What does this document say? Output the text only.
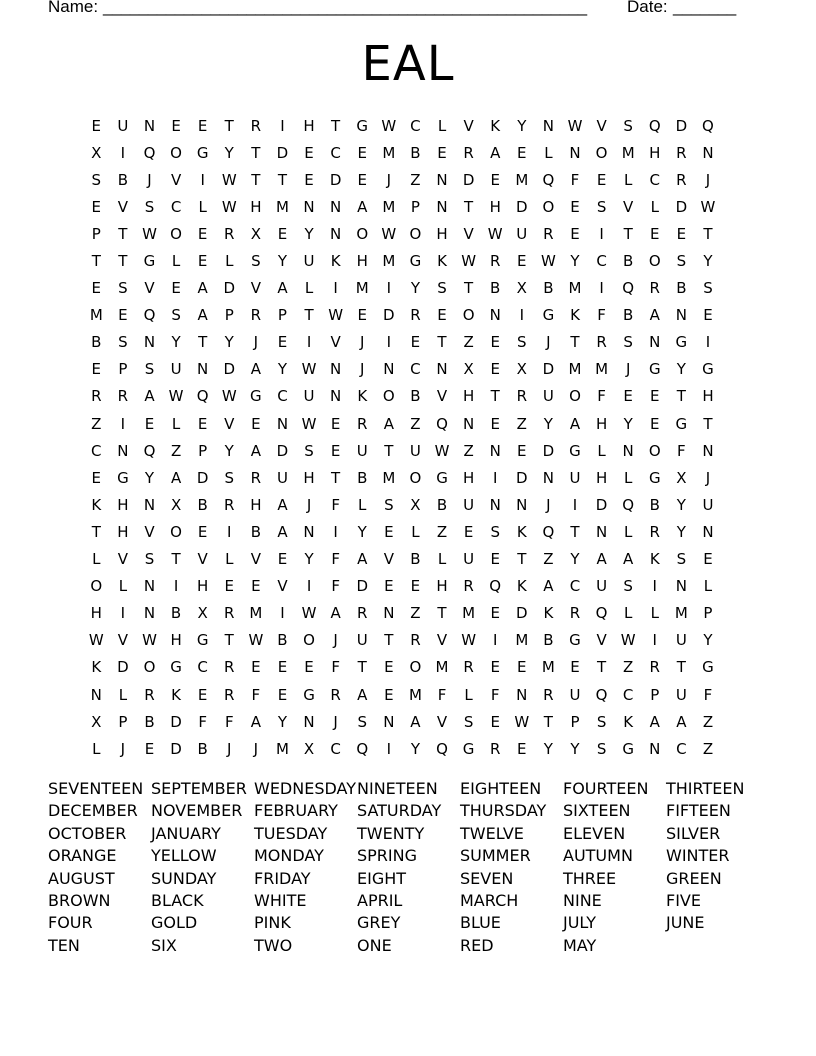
Name: ______________________________________________________ Date: _______
EAL
E	U	N	E	E	T	R	I	H	T	G W C	L	V	K	Y	N W V	S	Q D Q
X	I	Q O G	Y	T	D	E	C	E	M B	E	R	A	E	L	N	O M H	R	N
S	B	J	V	I	W T	T	E	D	E	J	Z	N	D	E	M Q	F	E	L	C	R	J
E	V	S	C	L	W H M N	N	A M	P	N	T	H	D O	E	S	V	L	D W
P	T W O	E	R	X	E	Y	N	O W O	H	V W U	R	E	I	T	E	E	T
T	T	G	L	E	L	S	Y	U	K	H M G	K W R	E W Y	C	B	O	S	Y
E	S	V	E	A	D	V	A	L	I	M	I	Y	S	T	B	X	B M	I	Q	R	B	S
M	E	Q	S	A	P	R	P	T W E	D	R	E	O	N	I	G	K	F	B	A	N	E
B	S	N	Y	T	Y	J	E	I	V	J	I	E	T	Z	E	S	J	T	R	S	N	G	I
E	P	S	U	N	D	A	Y W N	J	N	C	N	X	E	X	D M M	J	G	Y	G
R	R	A W Q W G	C	U	N	K	O	B	V	H	T	R	U	O	F	E	E	T	H
Z	I	E	L	E	V	E	N W E	R	A	Z	Q	N	E	Z	Y	A	H	Y	E	G	T
C	N	Q	Z	P	Y	A	D	S	E	U	T	U W Z	N	E	D	G	L	N	O	F	N
E	G	Y	A	D	S	R	U	H	T	B M O G	H	I	D	N	U	H	L	G	X	J
K	H	N	X	B	R	H	A	J	F	L	S	X	B	U	N	N	J	I	D Q	B	Y	U
T	H	V	O	E	I	B	A	N	I	Y	E	L	Z	E	S	K	Q	T	N	L	R	Y	N
L	V	S	T	V	L	V	E	Y	F	A	V	B	L	U	E	T	Z	Y	A	A	K	S	E
O	L	N	I	H	E	E	V	I	F	D	E	E	H	R	Q	K	A	C	U	S	I	N	L
H	I	N	B	X	R M	I	W A	R	N	Z	T	M	E	D	K	R	Q	L	L	M	P
W V W H	G	T W B	O	J	U	T	R	V W	I	M B	G	V W	I	U	Y
K	D O G	C	R	E	E	E	F	T	E	O M R	E	E	M	E	T	Z	R	T	G
N	L	R	K	E	R	F	E	G	R	A	E	M	F	L	F	N	R	U	Q	C	P	U	F
X	P	B	D	F	F	A	Y	N	J	S	N	A	V	S	E W T	P	S	K	A	A	Z
L	J	E	D	B	J	J	M X	C	Q	I	Y	Q G	R	E	Y	Y	S	G	N	C	Z
SEVENTEEN SEPTEMBER WEDNESDAY NINETEEN	EIGHTEEN	FOURTEEN	THIRTEEN
DECEMBER NOVEMBER FEBRUARY	SATURDAY	THURSDAY	SIXTEEN	FIFTEEN
OCTOBER	JANUARY	TUESDAY	TWENTY	TWELVE	ELEVEN	SILVER
ORANGE	YELLOW	MONDAY	SPRING	SUMMER	AUTUMN	WINTER
AUGUST	SUNDAY	FRIDAY	EIGHT	SEVEN	THREE	GREEN
BROWN	BLACK	WHITE	APRIL	MARCH	NINE	FIVE
FOUR	GOLD	PINK	GREY	BLUE	JULY	JUNE
TEN	SIX	TWO	ONE	RED	MAY
